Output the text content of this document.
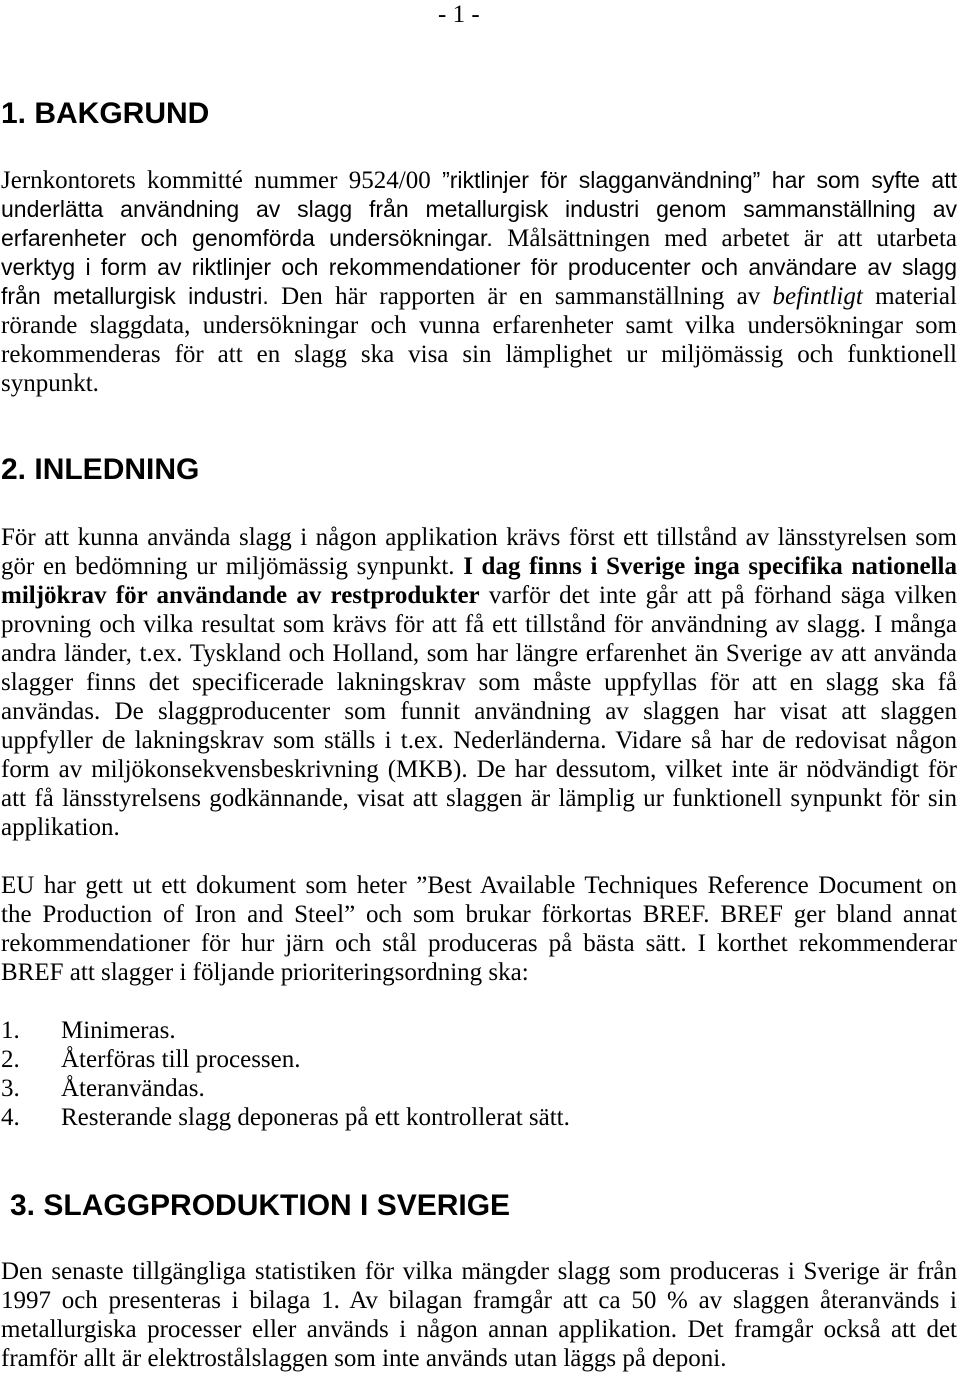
- 1 -
1. BAKGRUND
Jernkontorets kommitté nummer 9524/00 ”riktlinjer för slagganvändning” har som syfte att
underlätta användning av slagg från metallurgisk industri genom sammanställning av
erfarenheter och genomförda undersökningar. Målsättningen med arbetet är att utarbeta
verktyg i form av riktlinjer och rekommendationer för producenter och användare av slagg
från metallurgisk industri. Den här rapporten är en sammanställning av befintligt material
rörande slaggdata, undersökningar och vunna erfarenheter samt vilka undersökningar som
rekommenderas för att en slagg ska visa sin lämplighet ur miljömässig och funktionell
synpunkt.
2. INLEDNING
För att kunna använda slagg i någon applikation krävs först ett tillstånd av länsstyrelsen som
gör en bedömning ur miljömässig synpunkt. I dag finns i Sverige inga specifika nationella
miljökrav för användande av restprodukter varför det inte går att på förhand säga vilken
provning och vilka resultat som krävs för att få ett tillstånd för användning av slagg. I många
andra länder, t.ex. Tyskland och Holland, som har längre erfarenhet än Sverige av att använda
slagger finns det specificerade lakningskrav som måste uppfyllas för att en slagg ska få
användas. De slaggproducenter som funnit användning av slaggen har visat att slaggen
uppfyller de lakningskrav som ställs i t.ex. Nederländerna. Vidare så har de redovisat någon
form av miljökonsekvensbeskrivning (MKB). De har dessutom, vilket inte är nödvändigt för
att få länsstyrelsens godkännande, visat att slaggen är lämplig ur funktionell synpunkt för sin
applikation.
EU har gett ut ett dokument som heter ”Best Available Techniques Reference Document on
the Production of Iron and Steel” och som brukar förkortas BREF. BREF ger bland annat
rekommendationer för hur järn och stål produceras på bästa sätt. I korthet rekommenderar
BREF att slagger i följande prioriteringsordning ska:
1.	Minimeras.
2.	Återföras till processen.
3.	Återanvändas.
4.	Resterande slagg deponeras på ett kontrollerat sätt.
3. SLAGGPRODUKTION I SVERIGE
Den senaste tillgängliga statistiken för vilka mängder slagg som produceras i Sverige är från
1997 och presenteras i bilaga 1. Av bilagan framgår att ca 50 % av slaggen återanvänds i
metallurgiska processer eller används i någon annan applikation. Det framgår också att det
framför allt är elektrostålslaggen som inte används utan läggs på deponi.
